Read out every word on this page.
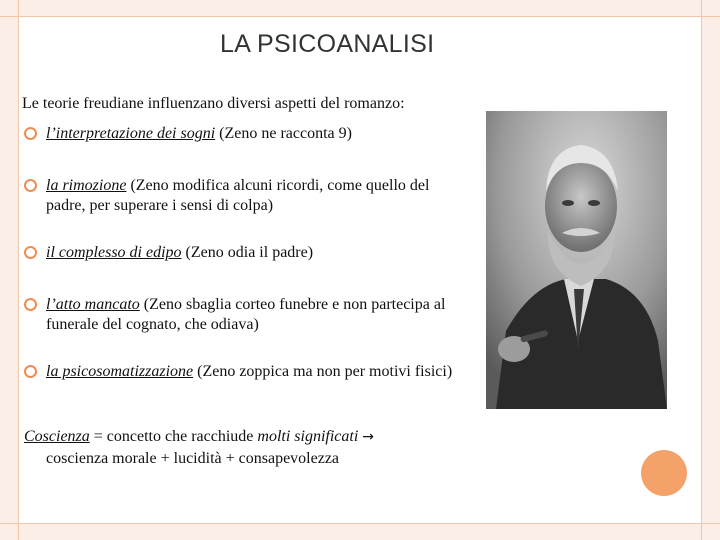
LA PSICOANALISI
Le teorie freudiane influenzano diversi aspetti del romanzo:
l’interpretazione dei sogni (Zeno ne racconta 9)
la rimozione (Zeno modifica alcuni ricordi, come quello del padre, per superare i sensi di colpa)
il complesso di edipo (Zeno odia il padre)
l’atto mancato (Zeno sbaglia corteo funebre e non partecipa al funerale del cognato, che odiava)
la psicosomatizzazione (Zeno zoppica ma non per motivi fisici)
Coscienza = concetto che racchiude molti significati →
coscienza morale + lucidità + consapevolezza
